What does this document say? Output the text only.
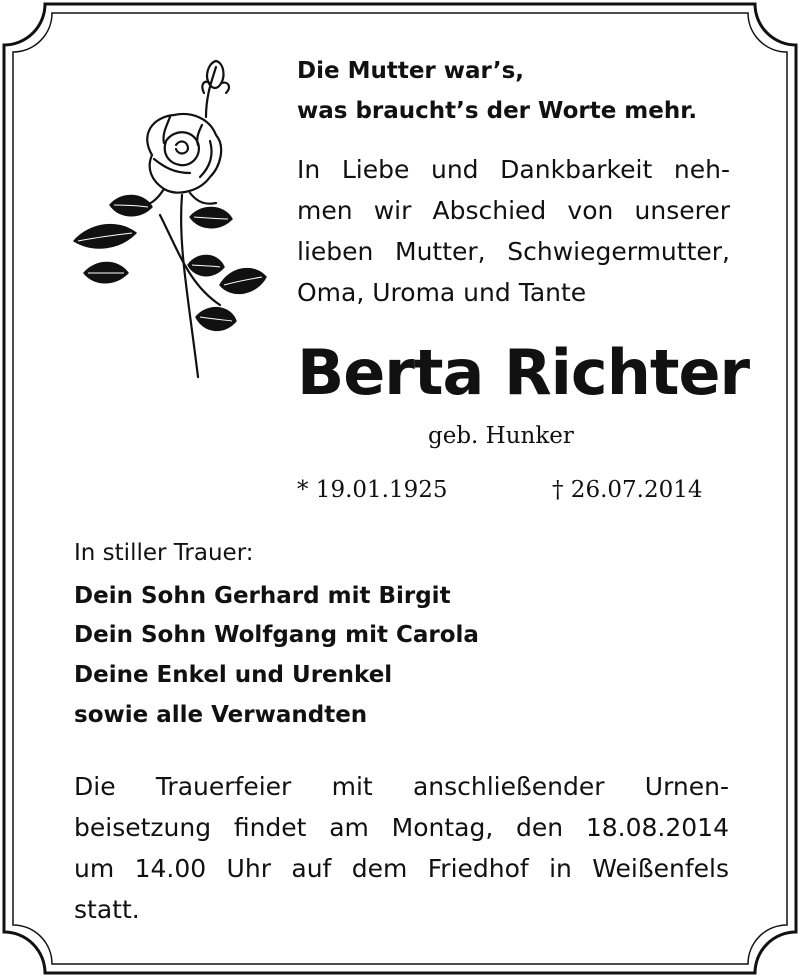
Die Mutter war’s,
was braucht’s der Worte mehr.
In Liebe und Dankbarkeit neh-
men wir Abschied von unserer
lieben Mutter, Schwiegermutter,
Oma, Uroma und Tante
Berta Richter
geb. Hunker
* 19.01.1925	† 26.07.2014
In stiller Trauer:
Dein Sohn Gerhard mit Birgit
Dein Sohn Wolfgang mit Carola
Deine Enkel und Urenkel
sowie alle Verwandten
Die Trauerfeier mit anschließender Urnen-
beisetzung findet am Montag, den 18.08.2014
um 14.00 Uhr auf dem Friedhof in Weißenfels
statt.
